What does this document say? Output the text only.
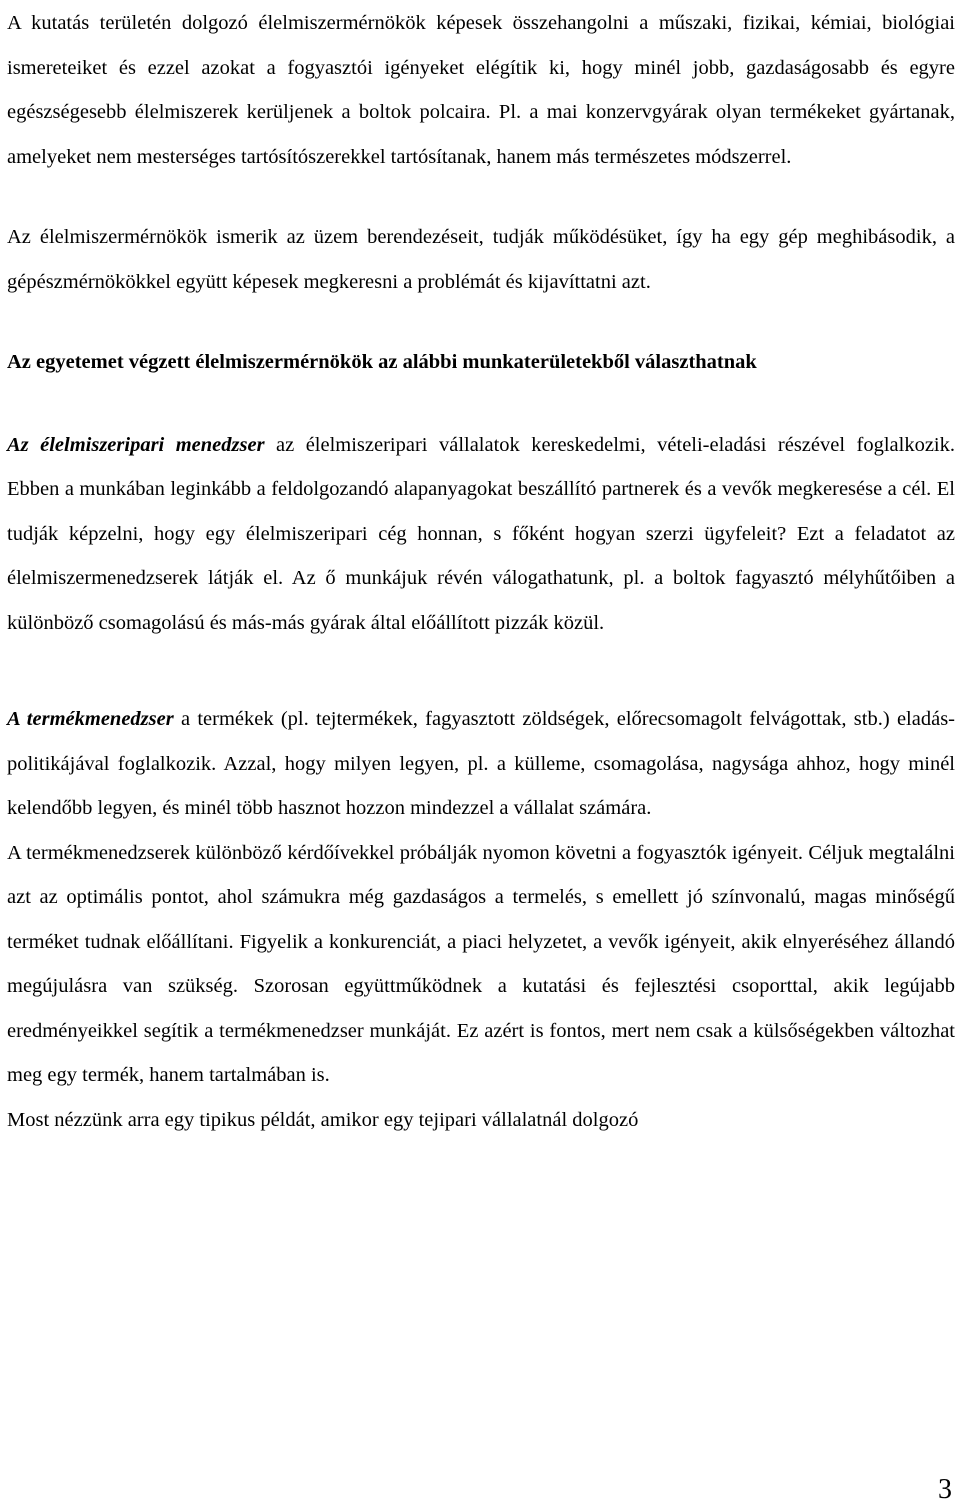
A kutatás területén dolgozó élelmiszermérnökök képesek összehangolni a műszaki, fizikai, kémiai, biológiai ismereteiket és ezzel azokat a fogyasztói igényeket elégítik ki, hogy minél jobb, gazdaságosabb és egyre egészségesebb élelmiszerek kerüljenek a boltok polcaira. Pl. a mai konzervgyárak olyan termékeket gyártanak, amelyeket nem mesterséges tartósítószerekkel tartósítanak, hanem más természetes módszerrel.

Az élelmiszermérnökök ismerik az üzem berendezéseit, tudják működésüket, így ha egy gép meghibásodik, a gépészmérnökökkel együtt képesek megkeresni a problémát és kijavíttatni azt.

Az egyetemet végzett élelmiszermérnökök az alábbi munkaterületekből választhatnak

Az élelmiszeripari menedzser az élelmiszeripari vállalatok kereskedelmi, vételi-eladási részével foglalkozik. Ebben a munkában leginkább a feldolgozandó alapanyagokat beszállító partnerek és a vevők megkeresése a cél. El tudják képzelni, hogy egy élelmiszeripari cég honnan, s főként hogyan szerzi ügyfeleit? Ezt a feladatot az élelmiszermenedzserek látják el. Az ő munkájuk révén válogathatunk, pl. a boltok fagyasztó mélyhűtőiben a különböző csomagolású és más-más gyárak által előállított pizzák közül.

A termékmenedzser a termékek (pl. tejtermékek, fagyasztott zöldségek, előrecsomagolt felvágottak, stb.) eladás-politikájával foglalkozik. Azzal, hogy milyen legyen, pl. a külleme, csomagolása, nagysága ahhoz, hogy minél kelendőbb legyen, és minél több hasznot hozzon mindezzel a vállalat számára.

A termékmenedzserek különböző kérdőívekkel próbálják nyomon követni a fogyasztók igényeit. Céljuk megtalálni azt az optimális pontot, ahol számukra még gazdaságos a termelés, s emellett jó színvonalú, magas minőségű terméket tudnak előállítani. Figyelik a konkurenciát, a piaci helyzetet, a vevők igényeit, akik elnyeréséhez állandó megújulásra van szükség. Szorosan együttműködnek a kutatási és fejlesztési csoporttal, akik legújabb eredményeikkel segítik a termékmenedzser munkáját. Ez azért is fontos, mert nem csak a külsőségekben változhat meg egy termék, hanem tartalmában is.

Most nézzünk arra egy tipikus példát, amikor egy tejipari vállalatnál dolgozó

3
